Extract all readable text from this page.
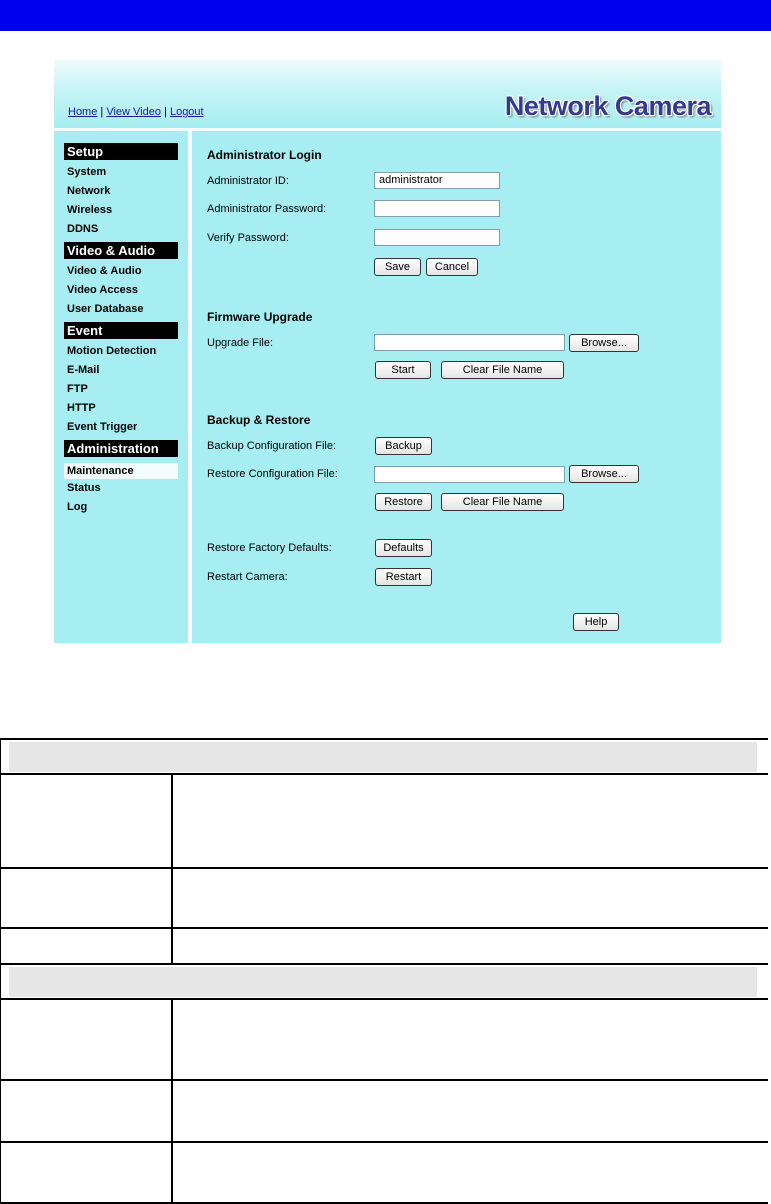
Home | View Video | Logout	Network Camera
Setup
System
Network
Wireless
DDNS
Video & Audio
Video & Audio
Video Access
User Database
Event
Motion Detection
E-Mail
FTP
HTTP
Event Trigger
Administration
Maintenance
Status
Log
Administrator Login
Administrator ID:	administrator
Administrator Password:
Verify Password:
Save	Cancel
Firmware Upgrade
Upgrade File:	Browse...
Start	Clear File Name
Backup & Restore
Backup Configuration File:	Backup
Restore Configuration File:	Browse...
Restore	Clear File Name
Restore Factory Defaults:	Defaults
Restart Camera:	Restart
Help
